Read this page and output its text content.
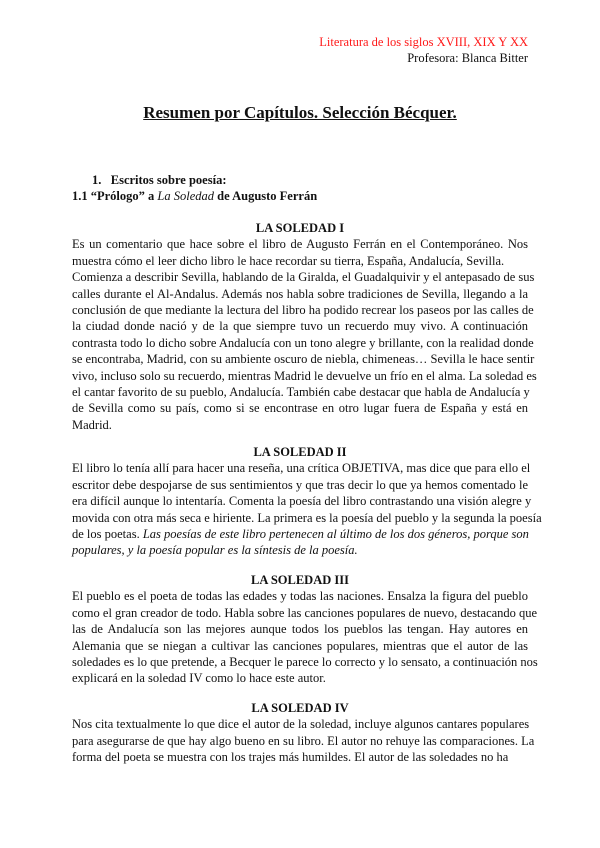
Literatura de los siglos XVIII, XIX Y XX
Profesora: Blanca Bitter
Resumen por Capítulos. Selección Bécquer.
1. Escritos sobre poesía:
1.1 “Prólogo” a La Soledad de Augusto Ferrán
LA SOLEDAD I
Es un comentario que hace sobre el libro de Augusto Ferrán en el Contemporáneo. Nos
muestra cómo el leer dicho libro le hace recordar su tierra, España, Andalucía, Sevilla.
Comienza a describir Sevilla, hablando de la Giralda, el Guadalquivir y el antepasado de sus
calles durante el Al-Andalus. Además nos habla sobre tradiciones de Sevilla, llegando a la
conclusión de que mediante la lectura del libro ha podido recrear los paseos por las calles de
la ciudad donde nació y de la que siempre tuvo un recuerdo muy vivo. A continuación
contrasta todo lo dicho sobre Andalucía con un tono alegre y brillante, con la realidad donde
se encontraba, Madrid, con su ambiente oscuro de niebla, chimeneas… Sevilla le hace sentir
vivo, incluso solo su recuerdo, mientras Madrid le devuelve un frío en el alma. La soledad es
el cantar favorito de su pueblo, Andalucía. También cabe destacar que habla de Andalucía y
de Sevilla como su país, como si se encontrase en otro lugar fuera de España y está en
Madrid.
LA SOLEDAD II
El libro lo tenía allí para hacer una reseña, una crítica OBJETIVA, mas dice que para ello el
escritor debe despojarse de sus sentimientos y que tras decir lo que ya hemos comentado le
era difícil aunque lo intentaría. Comenta la poesía del libro contrastando una visión alegre y
movida con otra más seca e hiriente. La primera es la poesía del pueblo y la segunda la poesía
de los poetas. Las poesías de este libro pertenecen al último de los dos géneros, porque son
populares, y la poesía popular es la síntesis de la poesía.
LA SOLEDAD III
El pueblo es el poeta de todas las edades y todas las naciones. Ensalza la figura del pueblo
como el gran creador de todo. Habla sobre las canciones populares de nuevo, destacando que
las de Andalucía son las mejores aunque todos los pueblos las tengan. Hay autores en
Alemania que se niegan a cultivar las canciones populares, mientras que el autor de las
soledades es lo que pretende, a Becquer le parece lo correcto y lo sensato, a continuación nos
explicará en la soledad IV como lo hace este autor.
LA SOLEDAD IV
Nos cita textualmente lo que dice el autor de la soledad, incluye algunos cantares populares
para asegurarse de que hay algo bueno en su libro. El autor no rehuye las comparaciones. La
forma del poeta se muestra con los trajes más humildes. El autor de las soledades no ha
